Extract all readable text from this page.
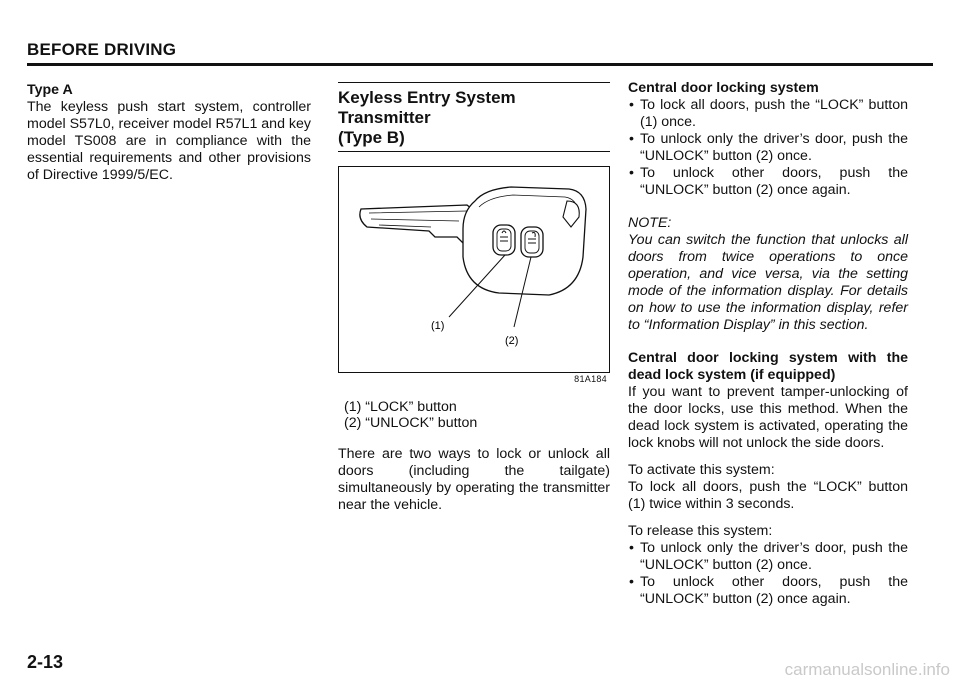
BEFORE DRIVING

Type A

The keyless push start system, controller model S57L0, receiver model R57L1 and key model TS008 are in compliance with the essential requirements and other provisions of Directive 1999/5/EC.

Keyless Entry System Transmitter
(Type B)
(1)
(2)
81A184
(1) “LOCK” button
(2) “UNLOCK” button

There are two ways to lock or unlock all doors (including the tailgate) simultaneously by operating the transmitter near the vehicle.

Central door locking system

• To lock all doors, push the “LOCK” button (1) once.
• To unlock only the driver’s door, push the “UNLOCK” button (2) once.
• To unlock other doors, push the “UNLOCK” button (2) once again.

NOTE:

You can switch the function that unlocks all doors from twice operations to once operation, and vice versa, via the setting mode of the information display. For details on how to use the information display, refer to “Information Display” in this section.

Central door locking system with the dead lock system (if equipped)

If you want to prevent tamper-unlocking of the door locks, use this method. When the dead lock system is activated, operating the lock knobs will not unlock the side doors.

To activate this system:

To lock all doors, push the “LOCK” button (1) twice within 3 seconds.

To release this system:

• To unlock only the driver’s door, push the “UNLOCK” button (2) once.
• To unlock other doors, push the “UNLOCK” button (2) once again.
2-13	carmanualsonline.info
